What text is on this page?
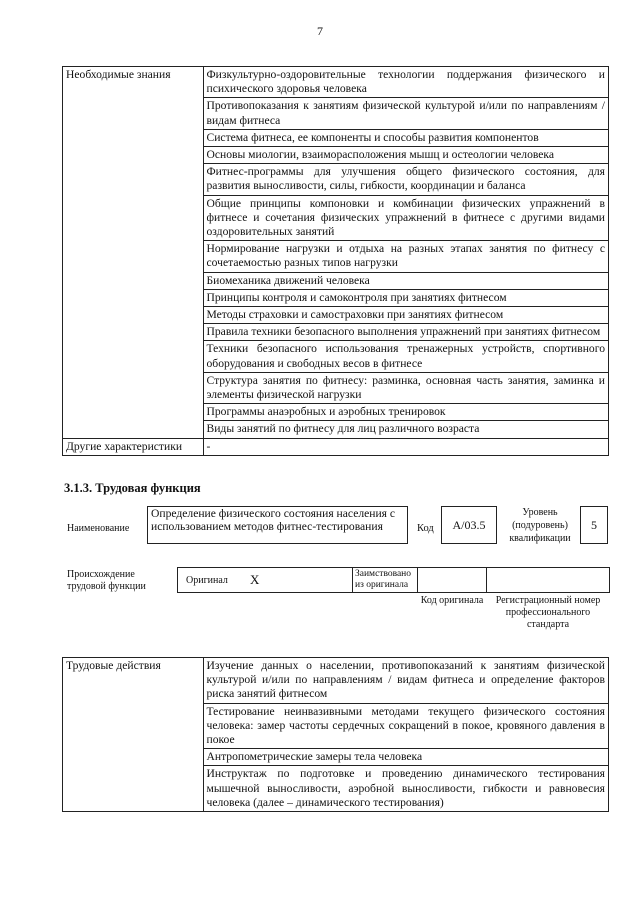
7
Необходимые знания	Физкультурно-оздоровительные технологии поддержания физического и психического здоровья человека
	Противопоказания к занятиям физической культурой и/или по направлениям / видам фитнеса
	Система фитнеса, ее компоненты и способы развития компонентов
	Основы миологии, взаиморасположения мышц и остеологии человека
	Фитнес-программы для улучшения общего физического состояния, для развития выносливости, силы, гибкости, координации и баланса
	Общие принципы компоновки и комбинации физических упражнений в фитнесе и сочетания физических упражнений в фитнесе с другими видами оздоровительных занятий
	Нормирование нагрузки и отдыха на разных этапах занятия по фитнесу с сочетаемостью разных типов нагрузки
	Биомеханика движений человека
	Принципы контроля и самоконтроля при занятиях фитнесом
	Методы страховки и самостраховки при занятиях фитнесом
	Правила техники безопасного выполнения упражнений при занятиях фитнесом
	Техники безопасного использования тренажерных устройств, спортивного оборудования и свободных весов в фитнесе
	Структура занятия по фитнесу: разминка, основная часть занятия, заминка и элементы физической нагрузки
	Программы анаэробных и аэробных тренировок
	Виды занятий по фитнесу для лиц различного возраста
Другие характеристики	-
3.1.3. Трудовая функция
Наименование
Определение физического состояния населения с использованием методов фитнес-тестирования	Код	A/03.5
Уровень (подуровень) квалификации
5
Происхождение трудовой функции
Оригинал X	Заимствовано из оригинала
Код оригинала	Регистрационный номер профессионального стандарта
Трудовые действия	Изучение данных о населении, противопоказаний к занятиям физической культурой и/или по направлениям / видам фитнеса и определение факторов риска занятий фитнесом
Тестирование неинвазивными методами текущего физического состояния человека: замер частоты сердечных сокращений в покое, кровяного давления в покое
Антропометрические замеры тела человека
Инструктаж по подготовке и проведению динамического тестирования мышечной выносливости, аэробной выносливости, гибкости и равновесия человека (далее – динамического тестирования)
